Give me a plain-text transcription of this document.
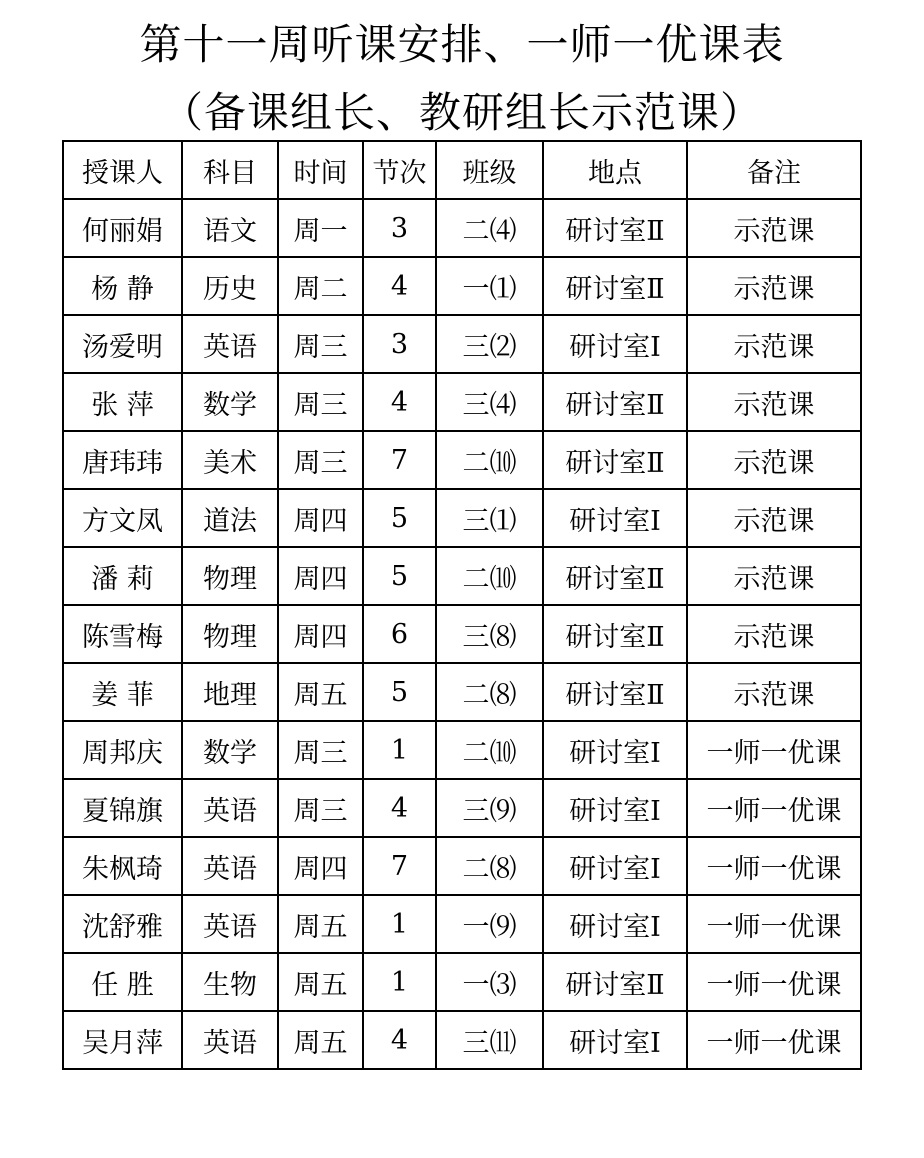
第十一周听课安排、一师一优课表
（备课组长、教研组长示范课）
授课人	科目	时间	节次	班级	地点	备注
何丽娟	语文	周一	3	二⑷	研讨室Ⅱ	示范课
杨 静	历史	周二	4	一⑴	研讨室Ⅱ	示范课
汤爱明	英语	周三	3	三⑵	研讨室I	示范课
张 萍	数学	周三	4	三⑷	研讨室Ⅱ	示范课
唐玮玮	美术	周三	7	二⑽	研讨室Ⅱ	示范课
方文凤	道法	周四	5	三⑴	研讨室I	示范课
潘 莉	物理	周四	5	二⑽	研讨室Ⅱ	示范课
陈雪梅	物理	周四	6	三⑻	研讨室Ⅱ	示范课
姜 菲	地理	周五	5	二⑻	研讨室Ⅱ	示范课
周邦庆	数学	周三	1	二⑽	研讨室I	一师一优课
夏锦旗	英语	周三	4	三⑼	研讨室I	一师一优课
朱枫琦	英语	周四	7	二⑻	研讨室I	一师一优课
沈舒雅	英语	周五	1	一⑼	研讨室I	一师一优课
任 胜	生物	周五	1	一⑶	研讨室Ⅱ	一师一优课
吴月萍	英语	周五	4	三⑾	研讨室I	一师一优课
